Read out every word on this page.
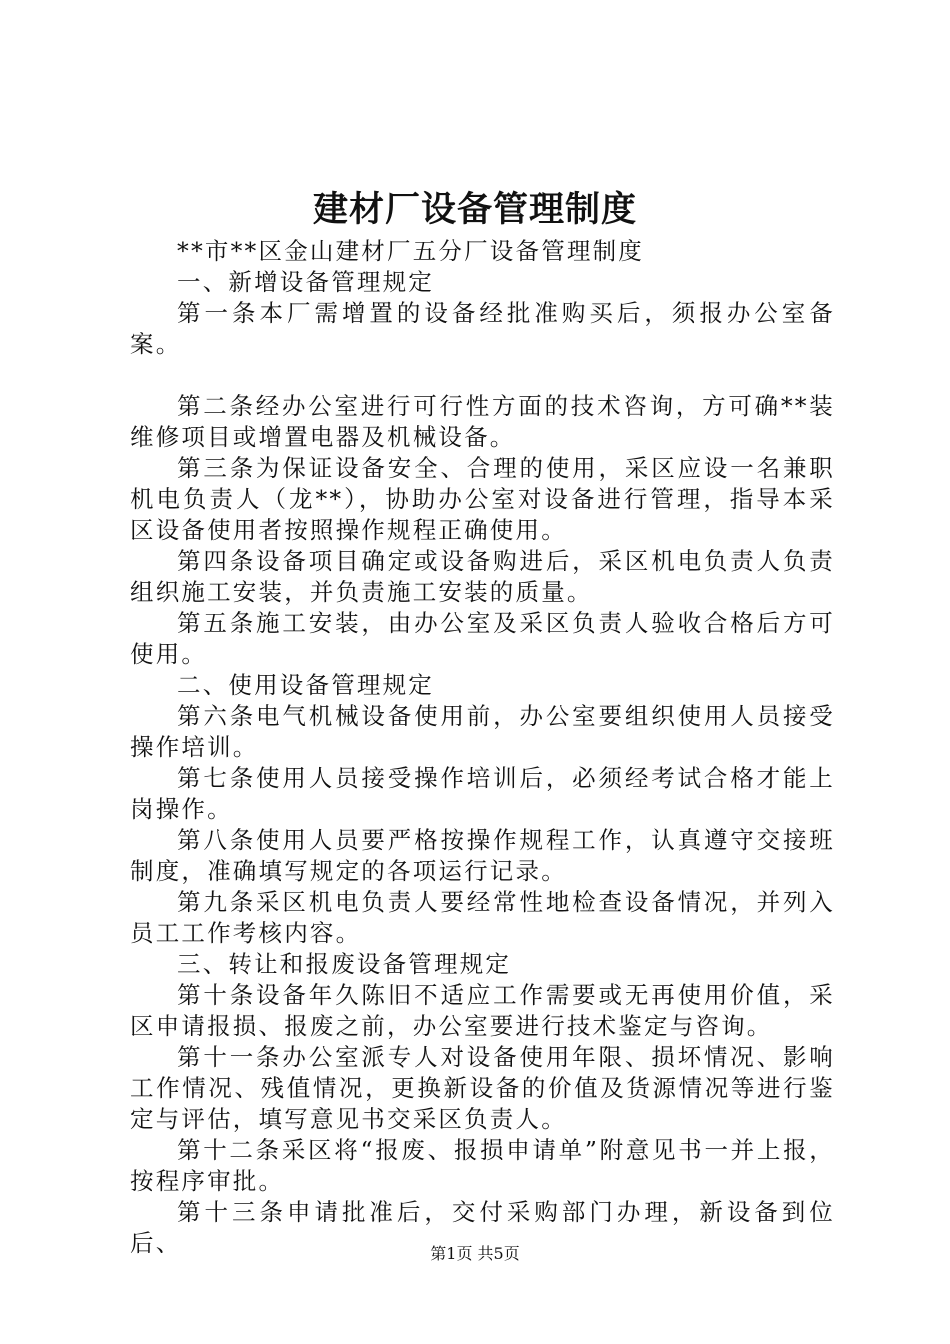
建材厂设备管理制度

**市**区金山建材厂五分厂设备管理制度

一、新增设备管理规定

第一条本厂需增置的设备经批准购买后，须报办公室备案。

第二条经办公室进行可行性方面的技术咨询，方可确**装维修项目或增置电器及机械设备。

第三条为保证设备安全、合理的使用，采区应设一名兼职机电负责人（龙**），协助办公室对设备进行管理，指导本采区设备使用者按照操作规程正确使用。

第四条设备项目确定或设备购进后，采区机电负责人负责组织施工安装，并负责施工安装的质量。

第五条施工安装，由办公室及采区负责人验收合格后方可使用。

二、使用设备管理规定

第六条电气机械设备使用前，办公室要组织使用人员接受操作培训。

第七条使用人员接受操作培训后，必须经考试合格才能上岗操作。

第八条使用人员要严格按操作规程工作，认真遵守交接班制度，准确填写规定的各项运行记录。

第九条采区机电负责人要经常性地检查设备情况，并列入员工工作考核内容。

三、转让和报废设备管理规定

第十条设备年久陈旧不适应工作需要或无再使用价值，采区申请报损、报废之前，办公室要进行技术鉴定与咨询。

第十一条办公室派专人对设备使用年限、损坏情况、影响工作情况、残值情况，更换新设备的价值及货源情况等进行鉴定与评估，填写意见书交采区负责人。

第十二条采区将“报废、报损申请单”附意见书一并上报，按程序审批。

第十三条申请批准后，交付采购部门办理，新设备到位后、	第1页 共5页
